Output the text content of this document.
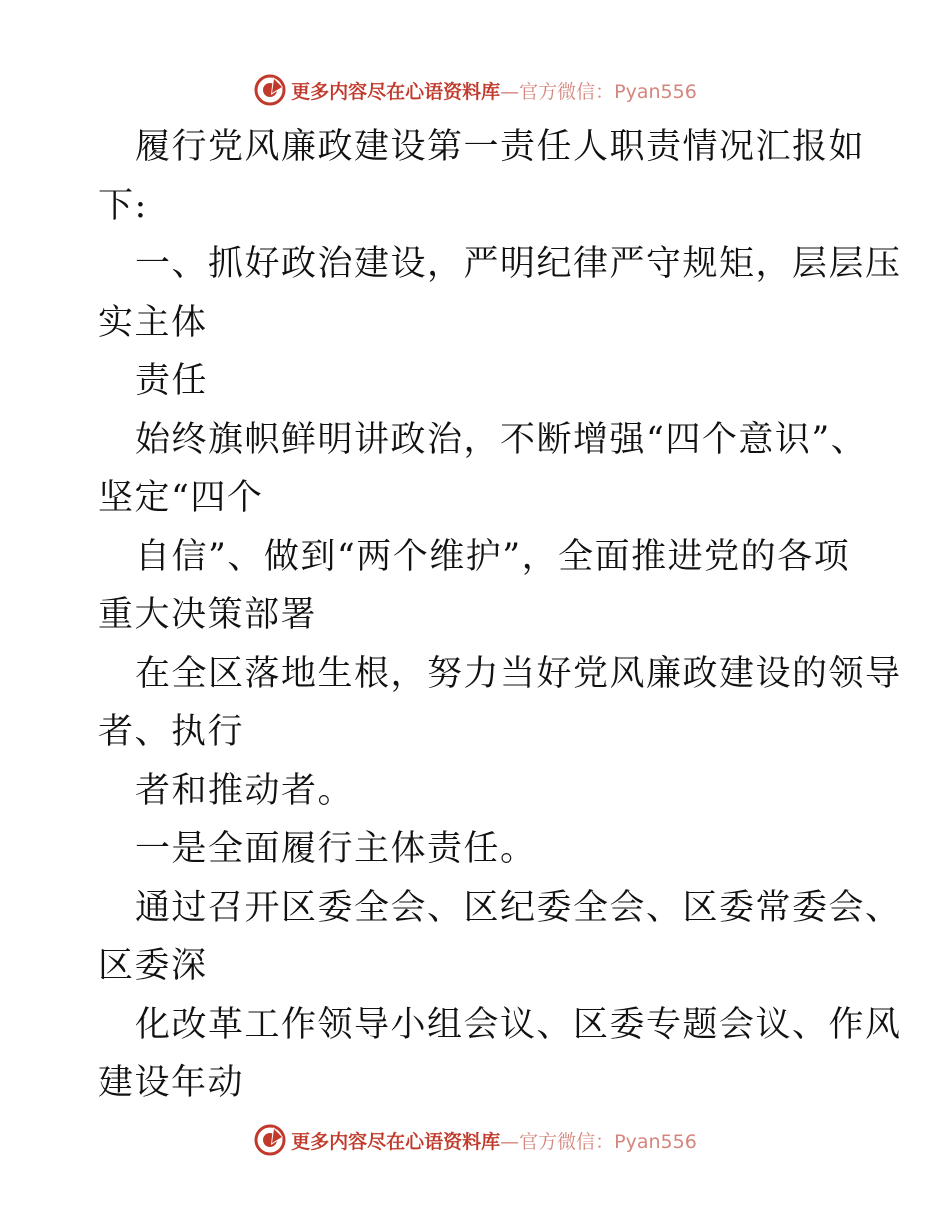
更多内容尽在心语资料库—官方微信：Pyan556
履行党风廉政建设第一责任人职责情况汇报如
下:
一、抓好政治建设，严明纪律严守规矩，层层压
实主体
责任
始终旗帜鲜明讲政治，不断增强“四个意识”、
坚定“四个
自信”、做到“两个维护”，全面推进党的各项
重大决策部署
在全区落地生根，努力当好党风廉政建设的领导
者、执行
者和推动者。
一是全面履行主体责任。
通过召开区委全会、区纪委全会、区委常委会、
区委深
化改革工作领导小组会议、区委专题会议、作风
建设年动
更多内容尽在心语资料库—官方微信：Pyan556
